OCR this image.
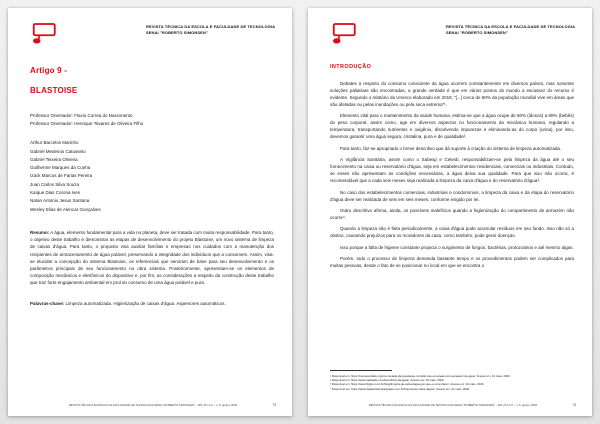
REVISTA TÉCNICA DA ESCOLA E FACULDADE DE TECNOLOGIA
SENAI "ROBERTO SIMONSEN"
Artigo 9 -
BLASTOISE
Professor Orientador: Flavio Correa do Nascimento
Professor Orientador: Henrique Tavares de Oliveira Filho
Arthur Barcelos Marinho
Gabriel Medeiros Catusseto
Gabriel Teixeira Oliveira
Guilherme Marques da Cunha
Izack Marcos de Farias Pereira
Juan Carlos Silva Souza
Kaíque Dias Corona Ives
Natan Antonio Jesus Santana
Wesley Elias de Alencar Gonçalves

Resumo: A água, elemento fundamental para a vida no planeta, deve ser tratada com muita responsabilidade. Para tanto, o objetivo deste trabalho é demonstrar as etapas de desenvolvimento do projeto Blastoise, um novo sistema de limpeza de caixas d'água. Para tanto, o proposto visa auxiliar famílias e empresas nos cuidados com a manutenção dos recipientes de armazenamento de água potável, preservando a integridade dos indivíduos que a consomem. Assim, visa-se elucidar a concepção do sistema Blastoise, os referenciais que serviram de base para seu desenvolvimento e os parâmetros principais de seu funcionamento no obra sistema. Posteriormente, apresentam-se os elementos de composição mecânicos e eletrônicos do dispositivo e, por fim, as considerações a respeito da construção deste trabalho que traz forte engajamento ambiental em prol do consumo de uma água potável e pura.

Palavras-chave: Limpeza automatizada. Higienização de caixas d'água. Aspersores automáticos.

REVISTA TÉCNICA DA ESCOLA E FACULDADE DE TECNOLOGIA SENAI "ROBERTO SIMONSEN" – MS | Pn.A.0 – n. 5, jan/jul, 2020	73
REVISTA TÉCNICA DA ESCOLA E FACULDADE DE TECNOLOGIA
SENAI "ROBERTO SIMONSEN"
INTRODUÇÃO

Debates a respeito do consumo consciente da água ocorrem constantemente em diversos países, mas somente soluções paliativas são encontradas, a grande verdade é que em vários pontos do mundo a escassez do recurso é evidente. Segundo o relatório da Unesco elaborado em 2018, "[...] cerca de 50% da população mundial vive em áreas que são afetadas ou pelas inundações ou pela seca extrema"¹.

Elemento vital para o mantenimento da saúde humana, estima-se que a água ocupe de 60% (idosos) a 80% (bebês) do peso corporal, assim como, age em diversos aspectos no funcionamento da mecânica humana, regulando a temperatura, transportando nutrientes e oxigênio, dissolvendo impurezas e eliminando-as do corpo (urina), por isso, devemos garantir uma água segura, cristalina, pura e de qualidade².

Para tanto, faz-se apropriado o breve descritivo que dá suporte à criação do sistema de limpeza automatizada.

A Vigilância Sanitária, assim como o Sabesp e Celesb, responsabilizam-se pela limpeza da água até o seu fornecimento na caixa ou reservatório d'água, seja em estabelecimentos residenciais, comerciais ou industriais. Contudo, se esses não apresentam as condições necessárias, a água deixa sua qualidade. Para que isso não ocorra, é recomendável que a cada seis meses seja realizada a limpeza da caixa d'água e do reservatório d'água³.

No caso dos estabelecimentos comerciais, industriais e condomínios, a limpeza da caixa e da etapa do reservatório d'água deve ser realizada de seis em seis meses, conforme exigido por lei.

Outro descritivo afirma, ainda, os possíveis malefícios quando a higienização do compartimento de armazém não ocorre⁴.

Quando a limpeza não é feita periodicamente, a caixa d'água pode acumular resíduos em seu fundo. Isso não só a obstrui, causando prejuízos para os moradores da casa, como também, pode gerar doenças.

Isso porque a falta de higiene constante propicia o surgimento de fungos, bactérias, protozoários e até mesmo algas.

Porém, todo o processo de limpeza demanda bastante tempo e os procedimentos podem ser complicados para muitas pessoas, desde o fato de se posicionar no local em que se encontra o

¹ Disponível em: https://nacoesunidas.org/onu-metade-da-populacao-mundial-vive-em-areas-com-escassez-de-agua/. Acesso em: 10 maio, 2020.
² Disponível em: https://www.tuasaude.com/beneficios-da-agua/. Acesso em: 10 maio, 2020.
³ Disponível em: https://www.higitec.com.br/blog/limpeza-de-caixa-dagua-por-que-e-como-fazer/. Acesso em: 10 maio, 2020.
⁴ Disponível em: https://www.dedetizadorasaopaulo.com.br/limpeza-de-caixa-dagua/. Acesso em: 21 maio, 2020.
REVISTA TÉCNICA DA ESCOLA E FACULDADE DE TECNOLOGIA SENAI "ROBERTO SIMONSEN" – MS | Pn.A.0 – n. 5, jan/jul, 2020	74
